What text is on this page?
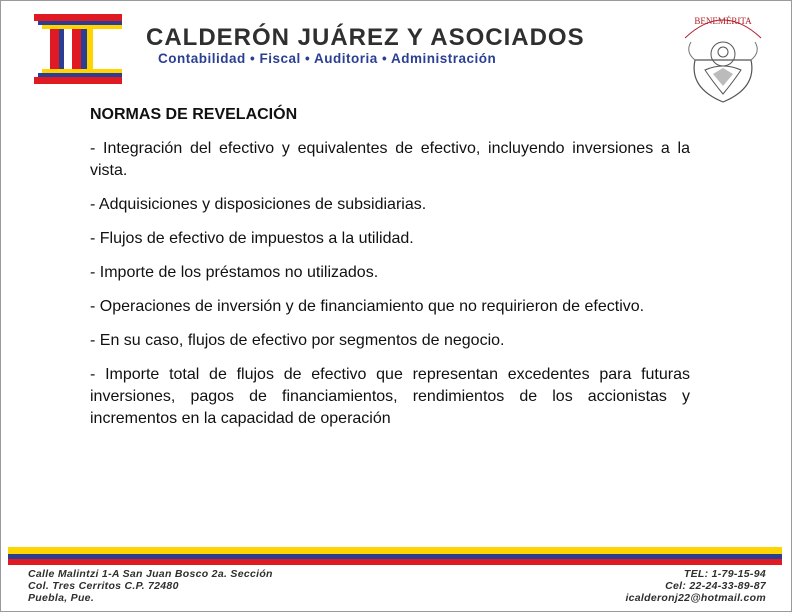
CALDERÓN JUÁREZ Y ASOCIADOS
Contabilidad • Fiscal • Auditoria • Administración
BENEMÉRITA

NORMAS DE REVELACIÓN

- Integración del efectivo y equivalentes de efectivo, incluyendo inversiones a la vista.

- Adquisiciones y disposiciones de subsidiarias.

- Flujos de efectivo de impuestos a la utilidad.

- Importe de los préstamos no utilizados.

- Operaciones de inversión y de financiamiento que no requirieron de efectivo.

- En su caso, flujos de efectivo por segmentos de negocio.

- Importe total de flujos de efectivo que representan excedentes para futuras inversiones, pagos de financiamientos, rendimientos de los accionistas y incrementos en la capacidad de operación

Calle Malintzi 1-A San Juan Bosco 2a. Sección
Col. Tres Cerritos C.P. 72480
Puebla, Pue.
TEL: 1-79-15-94
Cel: 22-24-33-89-87
icalderonj22@hotmail.com
